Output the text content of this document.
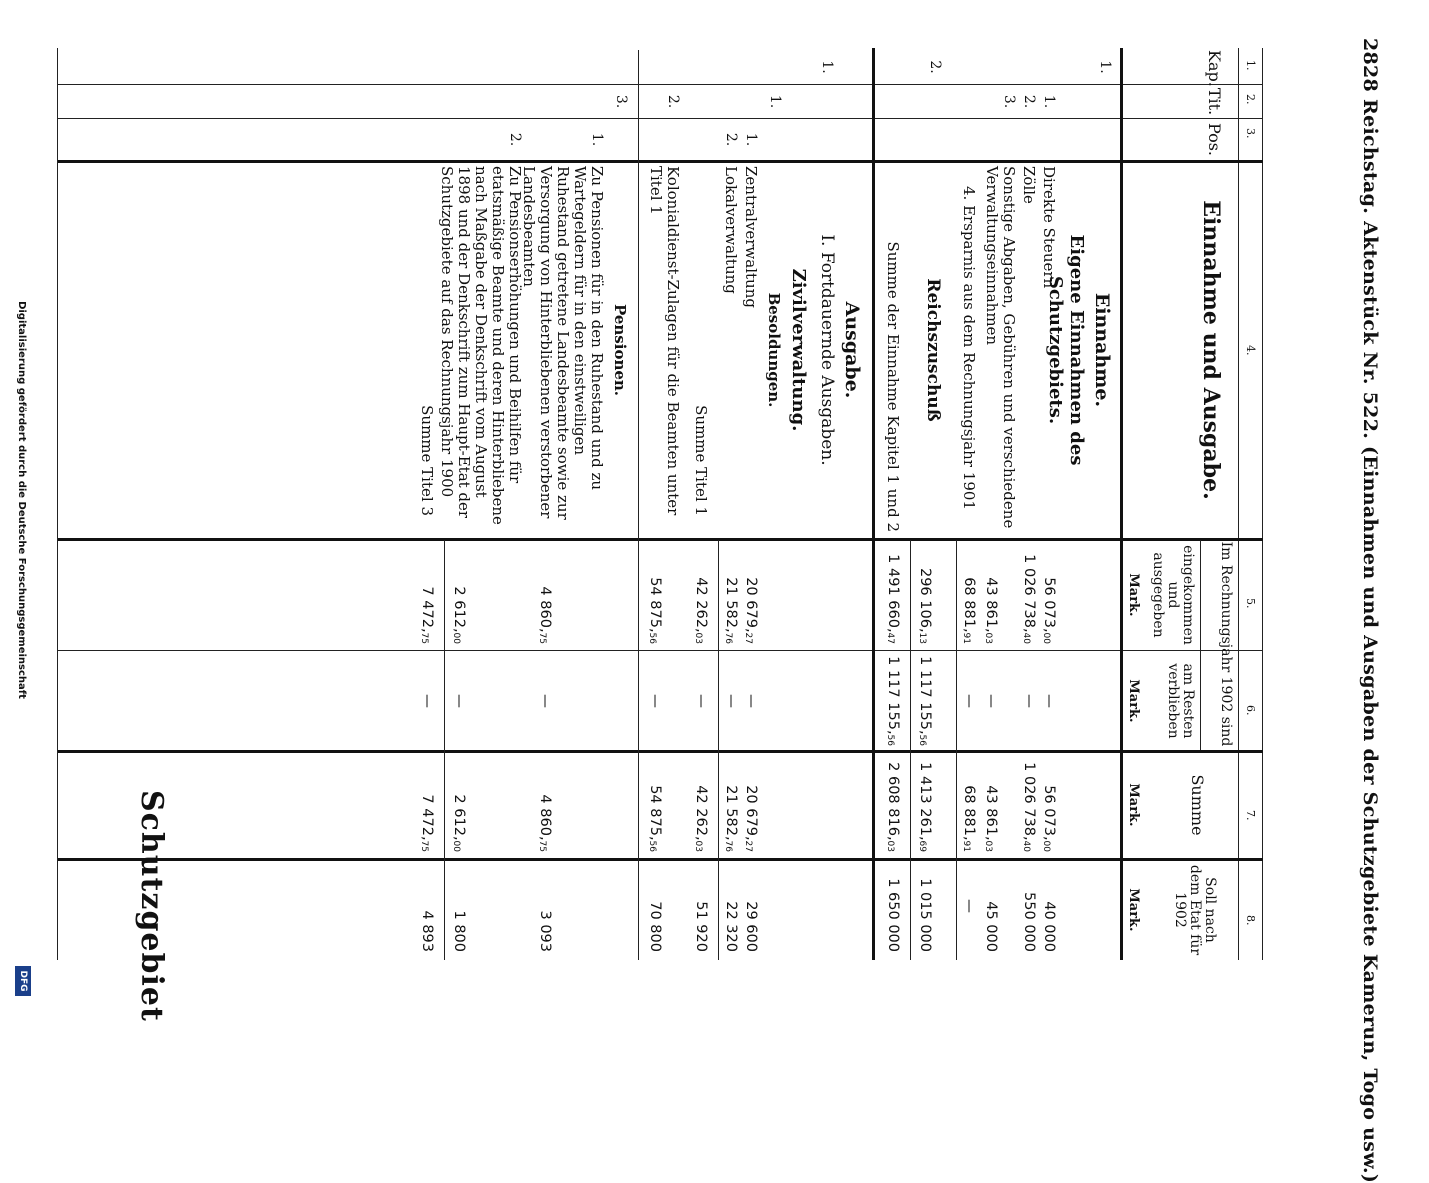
2828 Reichstag. Aktenstück Nr. 522. (Einnahmen und Ausgaben der Schutzgebiete Kamerun, Togo usw.)
Schutzgebiet
1.
2.
3.
4.
5.
6.
7.
8.
Kap.
Tit.
Pos.
Einnahme und Ausgabe.
Im Rechnungsjahr 1902 sind
eingekommen und ausgegeben
am Resten verblieben
Summe
Soll nach dem Etat für 1902
Mark.
Mark.
Mark.
Mark.
Einnahme.
1.
Eigene Einnahmen des Schutzgebiets.
1.
Direkte Steuern
56 $073,_{00}$
—
56 $073,_{00}$
40 000
2.
Zölle
1 026 $738,_{40}$
—
1 026 $738,_{40}$
550 000
3.
Sonstige Abgaben, Gebühren und verschiedene Verwaltungseinnahmen
43 $861,_{03}$
—
43 $861,_{03}$
45 000
4. Ersparnis aus dem Rechnungsjahr 1901
68 $881,_{91}$
—
68 $881,_{91}$
—
2.
Reichszuschuß
296 $106,_{13}$
1 117 $155,_{56}$
1 413 $261,_{69}$
1 015 000
Summe der Einnahme Kapitel 1 und 2
1 491 $660,_{47}$
1 117 $155,_{56}$
2 608 $816,_{03}$
1 650 000
Ausgabe.
I. Fortdauernde Ausgaben.
1.
Zivilverwaltung.
1.
Besoldungen.
1.
Zentralverwaltung
20 $679,_{27}$
—
20 $679,_{27}$
29 600
2.
Lokalverwaltung
21 $582,_{76}$
—
21 $582,_{76}$
22 320
Summe Titel 1
42 $262,_{03}$
—
42 $262,_{03}$
51 920
2.
Kolonialdienst-Zulagen für die Beamten unter Titel 1
54 $875,_{56}$
—
54 $875,_{56}$
70 800
3.
Pensionen.
1.
Zu Pensionen für in den Ruhestand und zu Wartegeldern für in den einstweiligen Ruhestand getretene Landesbeamte sowie zur Versorgung von Hinterbliebenen verstorbener Landesbeamten
4 $860,_{75}$
—
4 $860,_{75}$
3 093
2.
Zu Pensionserhöhungen und Beihilfen für etatsmäßige Beamte und deren Hinterbliebene nach Maßgabe der Denkschrift vom August 1898 und der Denkschrift zum Haupt-Etat der Schutzgebiete auf das Rechnungsjahr 1900
2 $612,_{00}$
—
2 $612,_{00}$
1 800
Summe Titel 3
7 $472,_{75}$
—
7 $472,_{75}$
4 893
Digitalisierung gefördert durch die Deutsche Forschungsgemeinschaft
DFG
